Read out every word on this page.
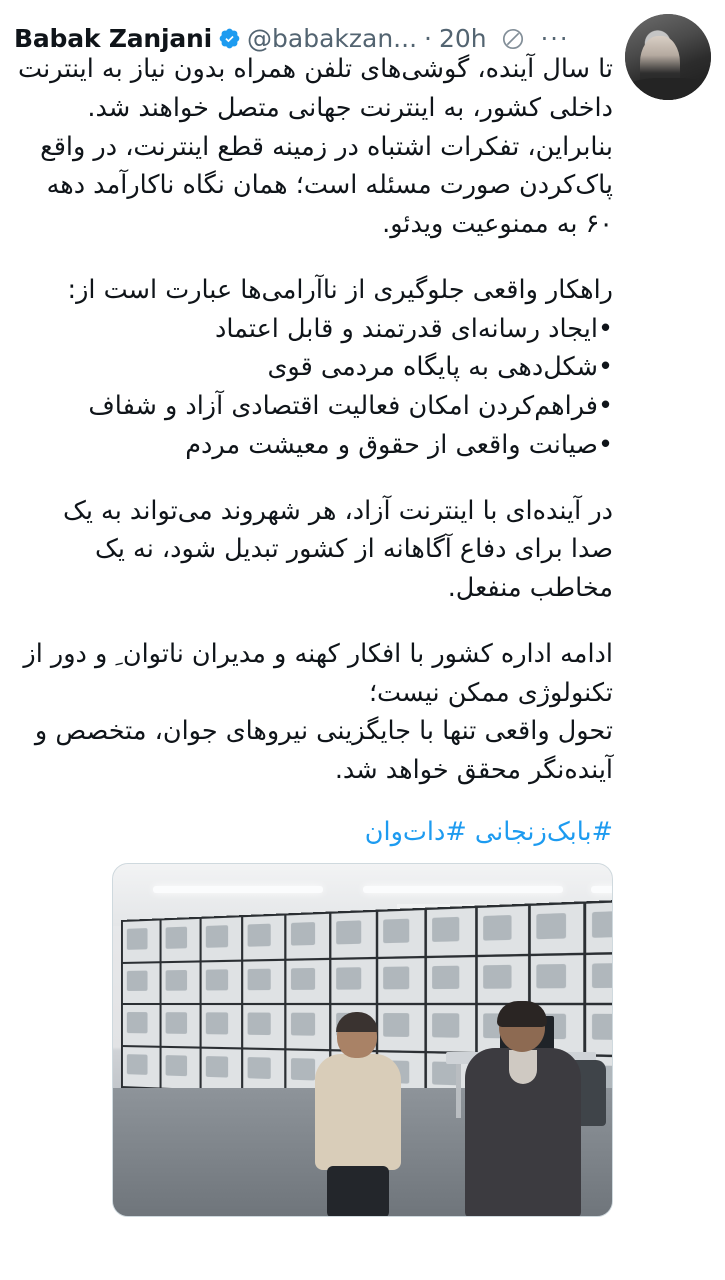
Babak Zanjani @babakzan... · 20h ···

تا سال آینده، گوشی‌های تلفن همراه بدون نیاز به اینترنت داخلی کشور، به اینترنت جهانی متصل خواهند شد.

بنابراین، تفکرات اشتباه در زمینه قطع اینترنت، در واقع پاک‌کردن صورت مسئله است؛ همان نگاه ناکارآمد دهه ۶۰ به ممنوعیت ویدئو.

راهکار واقعی جلوگیری از ناآرامی‌ها عبارت است از:

•ایجاد رسانه‌ای قدرتمند و قابل اعتماد

•شکل‌دهی به پایگاه مردمی قوی

•فراهم‌کردن امکان فعالیت اقتصادی آزاد و شفاف

•صیانت واقعی از حقوق و معیشت مردم

در آینده‌ای با اینترنت آزاد، هر شهروند می‌تواند به یک صدا برای دفاع آگاهانه از کشور تبدیل شود، نه یک مخاطب منفعل.

ادامه اداره کشور با افکار کهنه و مدیران ناتوان ِ و دور از تکنولوژی ممکن نیست؛

تحول واقعی تنها با جایگزینی نیروهای جوان، متخصص و آینده‌نگر محقق خواهد شد.

#بابک‌زنجانی #دات‌وان
